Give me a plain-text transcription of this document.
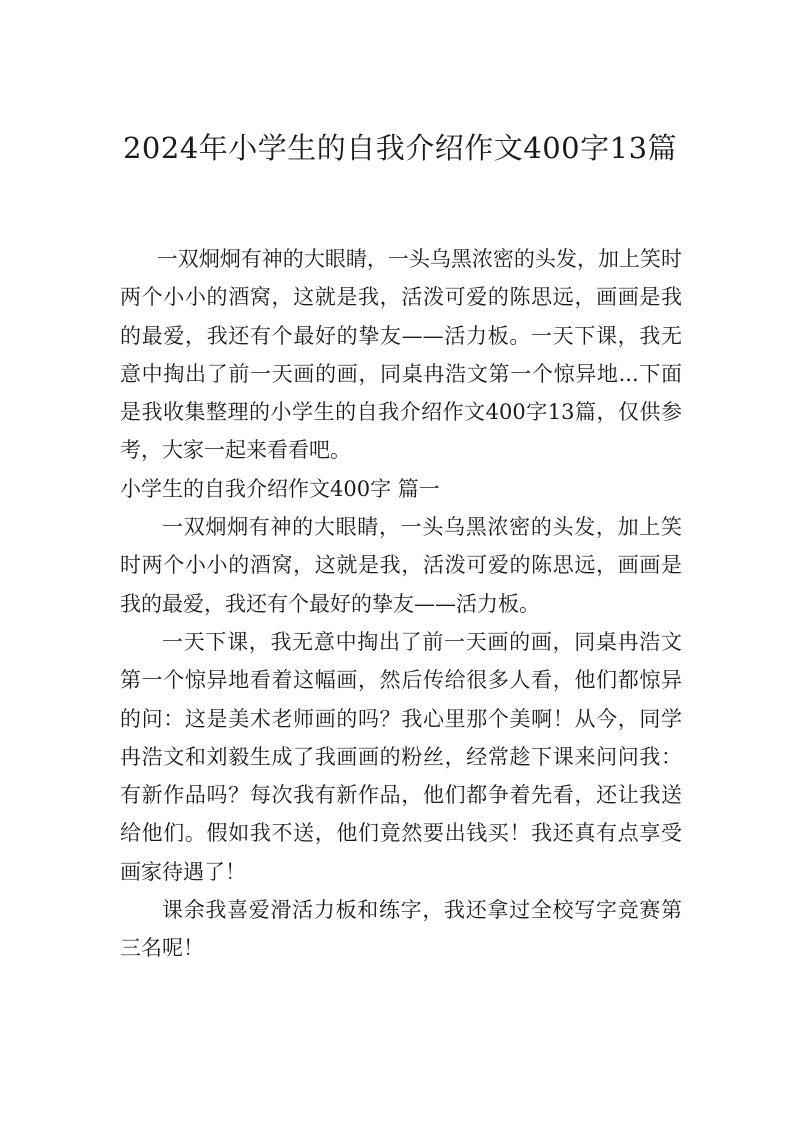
2024年小学生的自我介绍作文400字13篇

一双炯炯有神的大眼睛，一头乌黑浓密的头发，加上笑时两个小小的酒窝，这就是我，活泼可爱的陈思远，画画是我的最爱，我还有个最好的挚友——活力板。一天下课，我无意中掏出了前一天画的画，同桌冉浩文第一个惊异地...下面是我收集整理的小学生的自我介绍作文400字13篇，仅供参考，大家一起来看看吧。

小学生的自我介绍作文400字 篇一

一双炯炯有神的大眼睛，一头乌黑浓密的头发，加上笑时两个小小的酒窝，这就是我，活泼可爱的陈思远，画画是我的最爱，我还有个最好的挚友——活力板。

一天下课，我无意中掏出了前一天画的画，同桌冉浩文第一个惊异地看着这幅画，然后传给很多人看，他们都惊异的问：这是美术老师画的吗？我心里那个美啊！从今，同学冉浩文和刘毅生成了我画画的粉丝，经常趁下课来问问我：有新作品吗？每次我有新作品，他们都争着先看，还让我送给他们。假如我不送，他们竟然要出钱买！我还真有点享受画家待遇了！

课余我喜爱滑活力板和练字，我还拿过全校写字竞赛第三名呢！
